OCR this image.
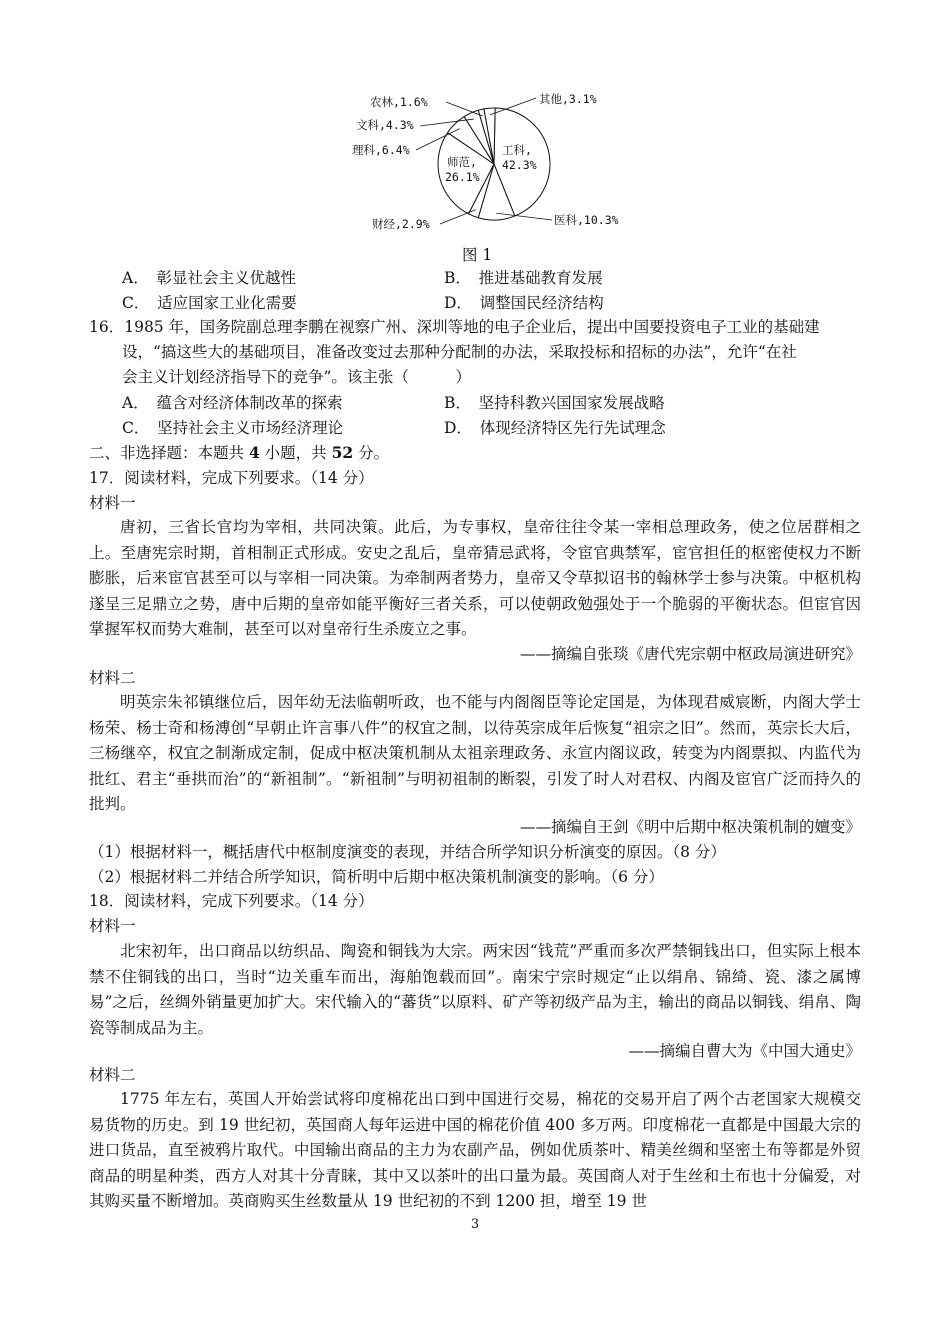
工科,
42.3%
师范,
26.1%
医科,10.3%
财经,2.9%
理科,6.4%
文科,4.3%
农林,1.6%	其他,3.1%
图 1
A．　 彰显社会主义优越性	B．　 推进基础教育发展
C．　 适应国家工业化需要	D．　 调整国民经济结构
16．1985 年，国务院副总理李鹏在视察广州、深圳等地的电子企业后，提出中国要投资电子工业的基础建
设，“搞这些大的基础项目，准备改变过去那种分配制的办法，采取投标和招标的办法”，允许“在社
会主义计划经济指导下的竞争”。该主张（　　　）
A．　 蕴含对经济体制改革的探索	B．　 坚持科教兴国国家发展战略
C．　 坚持社会主义市场经济理论	D．　 体现经济特区先行先试理念
二、非选择题：本题共 4 小题，共 52 分。
17．阅读材料，完成下列要求。（14 分）
材料一
唐初，三省长官均为宰相，共同决策。此后，为专事权，皇帝往往令某一宰相总理政务，使之位居群相之上。至唐宪宗时期，首相制正式形成。安史之乱后，皇帝猜忌武将，令宦官典禁军，宦官担任的枢密使权力不断膨胀，后来宦官甚至可以与宰相一同决策。为牵制两者势力，皇帝又令草拟诏书的翰林学士参与决策。中枢机构遂呈三足鼎立之势，唐中后期的皇帝如能平衡好三者关系，可以使朝政勉强处于一个脆弱的平衡状态。但宦官因掌握军权而势大难制，甚至可以对皇帝行生杀废立之事。
——摘编自张琰《唐代宪宗朝中枢政局演进研究》
材料二
明英宗朱祁镇继位后，因年幼无法临朝听政，也不能与内阁阁臣等论定国是，为体现君威宸断，内阁大学士杨荣、杨士奇和杨溥创“早朝止许言事八件”的权宜之制，以待英宗成年后恢复“祖宗之旧”。然而，英宗长大后，三杨继卒，权宜之制渐成定制，促成中枢决策机制从太祖亲理政务、永宣内阁议政，转变为内阁票拟、内监代为批红、君主“垂拱而治”的“新祖制”。“新祖制”与明初祖制的断裂，引发了时人对君权、内阁及宦官广泛而持久的批判。
——摘编自王剑《明中后期中枢决策机制的嬗变》
（1）根据材料一，概括唐代中枢制度演变的表现，并结合所学知识分析演变的原因。（8 分）
（2）根据材料二并结合所学知识，简析明中后期中枢决策机制演变的影响。（6 分）
18．阅读材料，完成下列要求。（14 分）
材料一
北宋初年，出口商品以纺织品、陶瓷和铜钱为大宗。两宋因“钱荒”严重而多次严禁铜钱出口，但实际上根本禁不住铜钱的出口，当时“边关重车而出，海舶饱载而回”。南宋宁宗时规定“止以绢帛、锦绮、瓷、漆之属博易”之后，丝绸外销量更加扩大。宋代输入的“蕃货”以原料、矿产等初级产品为主，输出的商品以铜钱、绢帛、陶瓷等制成品为主。
——摘编自曹大为《中国大通史》
材料二
1775 年左右，英国人开始尝试将印度棉花出口到中国进行交易，棉花的交易开启了两个古老国家大规模交易货物的历史。到 19 世纪初，英国商人每年运进中国的棉花价值 400 多万两。印度棉花一直都是中国最大宗的进口货品，直至被鸦片取代。中国输出商品的主力为农副产品，例如优质茶叶、精美丝绸和坚密土布等都是外贸商品的明星种类，西方人对其十分青睐，其中又以茶叶的出口量为最。英国商人对于生丝和土布也十分偏爱，对其购买量不断增加。英商购买生丝数量从 19 世纪初的不到 1200 担，增至 19 世
3
